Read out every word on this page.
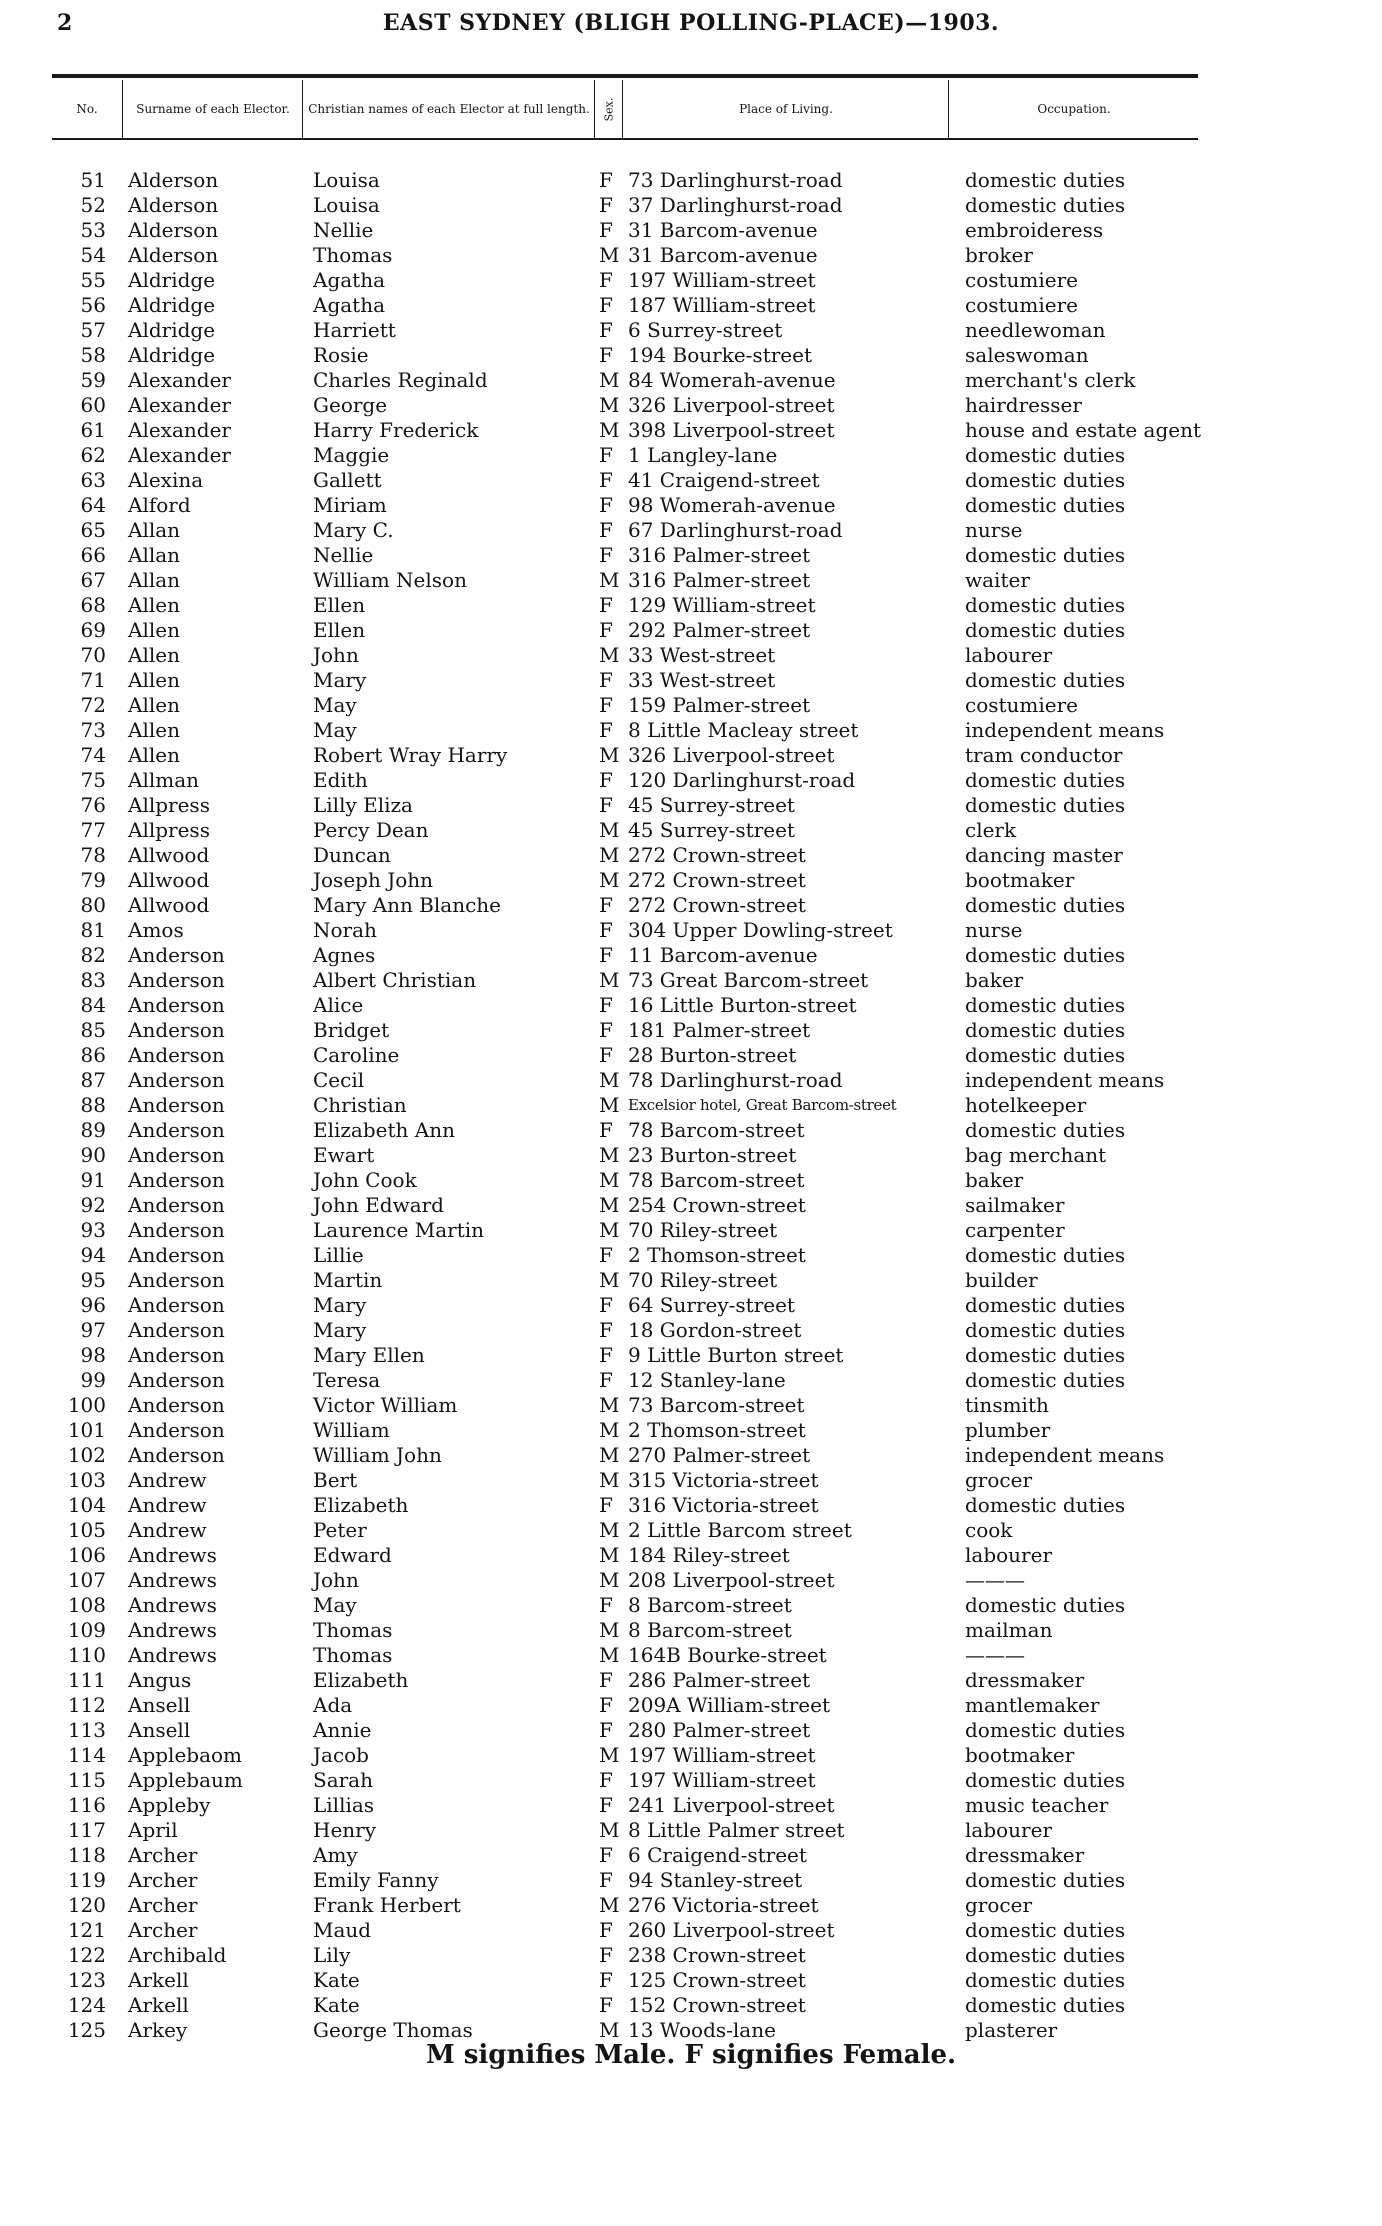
2	EAST SYDNEY (BLIGH POLLING-PLACE)—1903.
No.	Surname of each Elector.	Christian names of each Elector at full length.	Sex.	Place of Living.	Occupation.
51 Alderson	Louisa	F 73 Darlinghurst-road	domestic duties
52 Alderson	Louisa	F 37 Darlinghurst-road	domestic duties
53 Alderson	Nellie	F 31 Barcom-avenue	embroideress
54 Alderson	Thomas	M 31 Barcom-avenue	broker
55 Aldridge	Agatha	F 197 William-street	costumiere
56 Aldridge	Agatha	F 187 William-street	costumiere
57 Aldridge	Harriett	F 6 Surrey-street	needlewoman
58 Aldridge	Rosie	F 194 Bourke-street	saleswoman
59 Alexander	Charles Reginald	M 84 Womerah-avenue	merchant's clerk
60 Alexander	George	M 326 Liverpool-street	hairdresser
61 Alexander	Harry Frederick	M 398 Liverpool-street	house and estate agent
62 Alexander	Maggie	F 1 Langley-lane	domestic duties
63 Alexina	Gallett	F 41 Craigend-street	domestic duties
64 Alford	Miriam	F 98 Womerah-avenue	domestic duties
65 Allan	Mary C.	F 67 Darlinghurst-road	nurse
66 Allan	Nellie	F 316 Palmer-street	domestic duties
67 Allan	William Nelson	M 316 Palmer-street	waiter
68 Allen	Ellen	F 129 William-street	domestic duties
69 Allen	Ellen	F 292 Palmer-street	domestic duties
70 Allen	John	M 33 West-street	labourer
71 Allen	Mary	F 33 West-street	domestic duties
72 Allen	May	F 159 Palmer-street	costumiere
73 Allen	May	F 8 Little Macleay street	independent means
74 Allen	Robert Wray Harry	M 326 Liverpool-street	tram conductor
75 Allman	Edith	F 120 Darlinghurst-road	domestic duties
76 Allpress	Lilly Eliza	F 45 Surrey-street	domestic duties
77 Allpress	Percy Dean	M 45 Surrey-street	clerk
78 Allwood	Duncan	M 272 Crown-street	dancing master
79 Allwood	Joseph John	M 272 Crown-street	bootmaker
80 Allwood	Mary Ann Blanche	F 272 Crown-street	domestic duties
81 Amos	Norah	F 304 Upper Dowling-street	nurse
82 Anderson	Agnes	F 11 Barcom-avenue	domestic duties
83 Anderson	Albert Christian	M 73 Great Barcom-street	baker
84 Anderson	Alice	F 16 Little Burton-street	domestic duties
85 Anderson	Bridget	F 181 Palmer-street	domestic duties
86 Anderson	Caroline	F 28 Burton-street	domestic duties
87 Anderson	Cecil	M 78 Darlinghurst-road	independent means
88 Anderson	Christian	M Excelsior hotel, Great Barcom-street	hotelkeeper
89 Anderson	Elizabeth Ann	F 78 Barcom-street	domestic duties
90 Anderson	Ewart	M 23 Burton-street	bag merchant
91 Anderson	John Cook	M 78 Barcom-street	baker
92 Anderson	John Edward	M 254 Crown-street	sailmaker
93 Anderson	Laurence Martin	M 70 Riley-street	carpenter
94 Anderson	Lillie	F 2 Thomson-street	domestic duties
95 Anderson	Martin	M 70 Riley-street	builder
96 Anderson	Mary	F 64 Surrey-street	domestic duties
97 Anderson	Mary	F 18 Gordon-street	domestic duties
98 Anderson	Mary Ellen	F 9 Little Burton street	domestic duties
99 Anderson	Teresa	F 12 Stanley-lane	domestic duties
100 Anderson	Victor William	M 73 Barcom-street	tinsmith
101 Anderson	William	M 2 Thomson-street	plumber
102 Anderson	William John	M 270 Palmer-street	independent means
103 Andrew	Bert	M 315 Victoria-street	grocer
104 Andrew	Elizabeth	F 316 Victoria-street	domestic duties
105 Andrew	Peter	M 2 Little Barcom street	cook
106 Andrews	Edward	M 184 Riley-street	labourer
107 Andrews	John	M 208 Liverpool-street	———
108 Andrews	May	F 8 Barcom-street	domestic duties
109 Andrews	Thomas	M 8 Barcom-street	mailman
110 Andrews	Thomas	M 164B Bourke-street	———
111 Angus	Elizabeth	F 286 Palmer-street	dressmaker
112 Ansell	Ada	F 209A William-street	mantlemaker
113 Ansell	Annie	F 280 Palmer-street	domestic duties
114 Applebaom	Jacob	M 197 William-street	bootmaker
115 Applebaum	Sarah	F 197 William-street	domestic duties
116 Appleby	Lillias	F 241 Liverpool-street	music teacher
117 April	Henry	M 8 Little Palmer street	labourer
118 Archer	Amy	F 6 Craigend-street	dressmaker
119 Archer	Emily Fanny	F 94 Stanley-street	domestic duties
120 Archer	Frank Herbert	M 276 Victoria-street	grocer
121 Archer	Maud	F 260 Liverpool-street	domestic duties
122 Archibald	Lily	F 238 Crown-street	domestic duties
123 Arkell	Kate	F 125 Crown-street	domestic duties
124 Arkell	Kate	F 152 Crown-street	domestic duties
125 Arkey	George Thomas	M 13 Woods-lane	plasterer
M signifies Male. F signifies Female.
